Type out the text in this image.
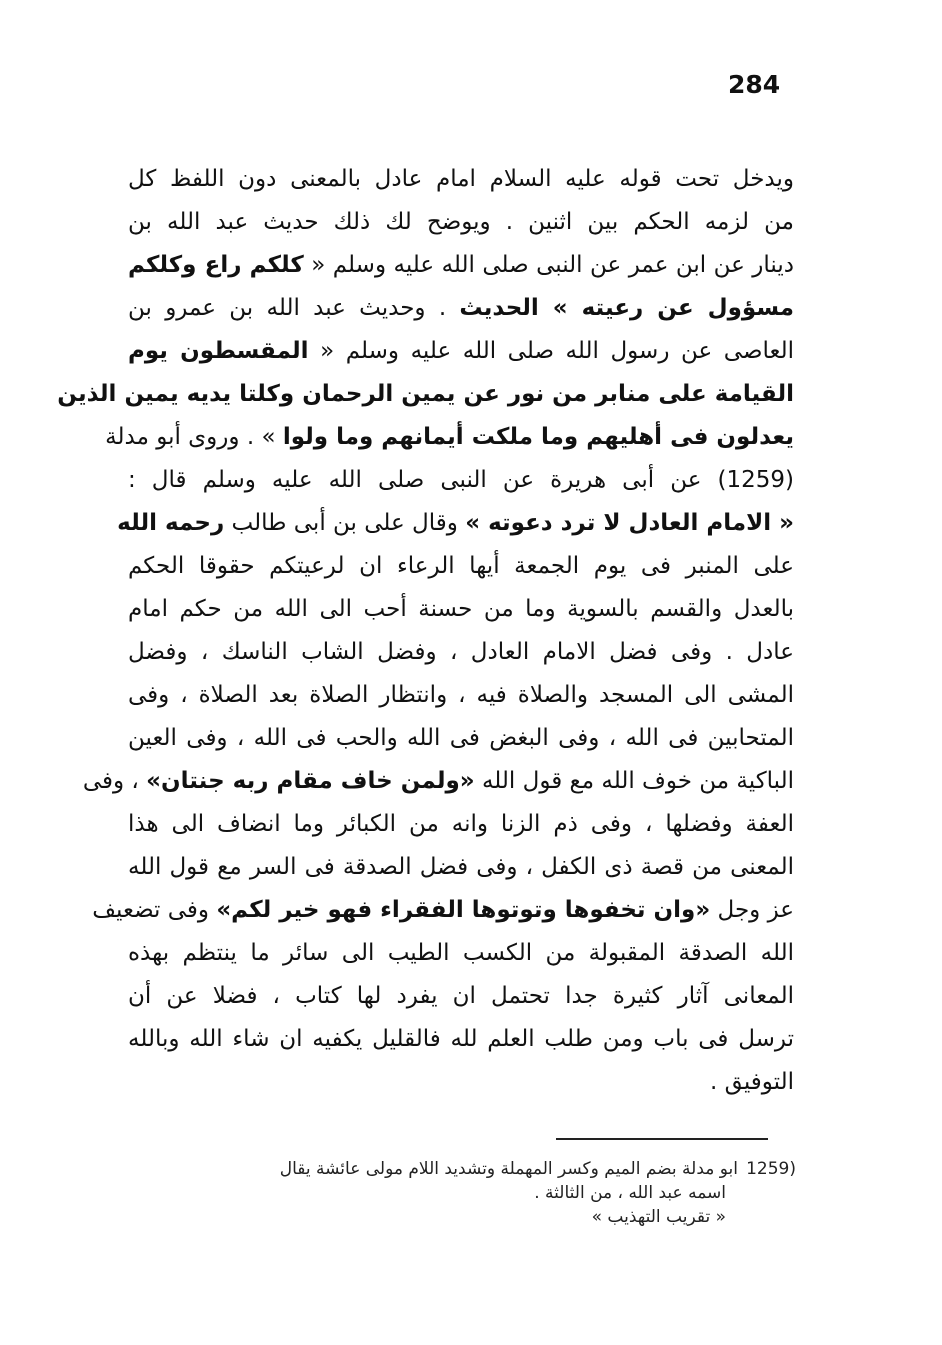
284
ويدخل تحت قوله عليه السلام امام عادل بالمعنى دون اللفظ كل
من لزمه الحكم بين اثنين . ويوضح لك ذلك حديث عبد الله بن
دينار عن ابن عمر عن النبى صلى الله عليه وسلم « كلكم راع وكلكم
مسؤول عن رعيته » الحديث . وحديث عبد الله بن عمرو بن
العاصى عن رسول الله صلى الله عليه وسلم « المقسطون يوم
القيامة على منابر من نور عن يمين الرحمان وكلتا يديه يمين الذين
يعدلون فى أهليهم وما ملكت أيمانهم وما ولوا » . وروى أبو مدلة
(1259) عن أبى هريرة عن النبى صلى الله عليه وسلم قال :
« الامام العادل لا ترد دعوته » وقال على بن أبى طالب رحمه الله
على المنبر فى يوم الجمعة أيها الرعاء ان لرعيتكم حقوقا الحكم
بالعدل والقسم بالسوية وما من حسنة أحب الى الله من حكم امام
عادل . وفى فضل الامام العادل ، وفضل الشاب الناسك ، وفضل
المشى الى المسجد والصلاة فيه ، وانتظار الصلاة بعد الصلاة ، وفى
المتحابين فى الله ، وفى البغض فى الله والحب فى الله ، وفى العين
الباكية من خوف الله مع قول الله «ولمن خاف مقام ربه جنتان» ، وفى
العفة وفضلها ، وفى ذم الزنا وانه من الكبائر وما انضاف الى هذا
المعنى من قصة ذى الكفل ، وفى فضل الصدقة فى السر مع قول الله
عز وجل «وان تخفوها وتوتوها الفقراء فهو خير لكم» وفى تضعيف
الله الصدقة المقبولة من الكسب الطيب الى سائر ما ينتظم بهذه
المعانى آثار كثيرة جدا تحتمل ان يفرد لها كتاب ، فضلا عن أن
ترسل فى باب ومن طلب العلم لله فالقليل يكفيه ان شاء الله وبالله
التوفيق .
(1259ابو مدلة بضم الميم وكسر المهملة وتشديد اللام مولى عائشة يقال
اسمه عبد الله ، من الثالثة .
« تقريب التهذيب »
